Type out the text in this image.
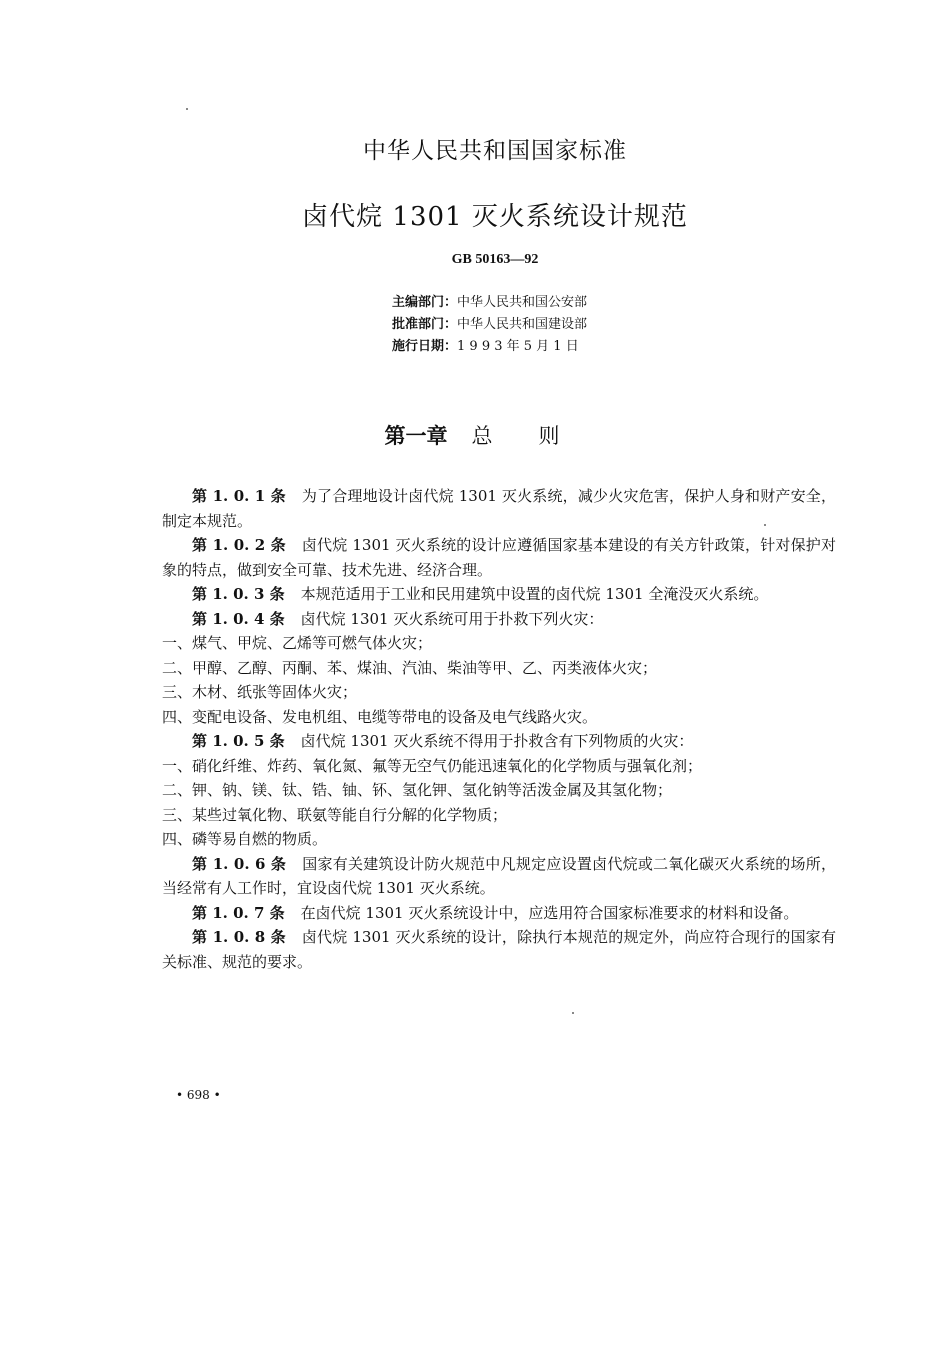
中华人民共和国国家标准
卤代烷 1301 灭火系统设计规范
GB 50163—92
主编部门：中华人民共和国公安部
批准部门：中华人民共和国建设部
施行日期：1 9 9 3 年 5 月 1 日
第一章 总则

第 1. 0. 1 条 为了合理地设计卤代烷 1301 灭火系统，减少火灾危害，保护人身和财产安全，制定本规范。

第 1. 0. 2 条 卤代烷 1301 灭火系统的设计应遵循国家基本建设的有关方针政策，针对保护对象的特点，做到安全可靠、技术先进、经济合理。

第 1. 0. 3 条 本规范适用于工业和民用建筑中设置的卤代烷 1301 全淹没灭火系统。

第 1. 0. 4 条 卤代烷 1301 灭火系统可用于扑救下列火灾：

一、煤气、甲烷、乙烯等可燃气体火灾；

二、甲醇、乙醇、丙酮、苯、煤油、汽油、柴油等甲、乙、丙类液体火灾；

三、木材、纸张等固体火灾；

四、变配电设备、发电机组、电缆等带电的设备及电气线路火灾。

第 1. 0. 5 条 卤代烷 1301 灭火系统不得用于扑救含有下列物质的火灾：

一、硝化纤维、炸药、氧化氮、氟等无空气仍能迅速氧化的化学物质与强氧化剂；

二、钾、钠、镁、钛、锆、铀、钚、氢化钾、氢化钠等活泼金属及其氢化物；

三、某些过氧化物、联氨等能自行分解的化学物质；

四、磷等易自燃的物质。

第 1. 0. 6 条 国家有关建筑设计防火规范中凡规定应设置卤代烷或二氧化碳灭火系统的场所，当经常有人工作时，宜设卤代烷 1301 灭火系统。

第 1. 0. 7 条 在卤代烷 1301 灭火系统设计中，应选用符合国家标准要求的材料和设备。

第 1. 0. 8 条 卤代烷 1301 灭火系统的设计，除执行本规范的规定外，尚应符合现行的国家有关标准、规范的要求。

• 698 •
